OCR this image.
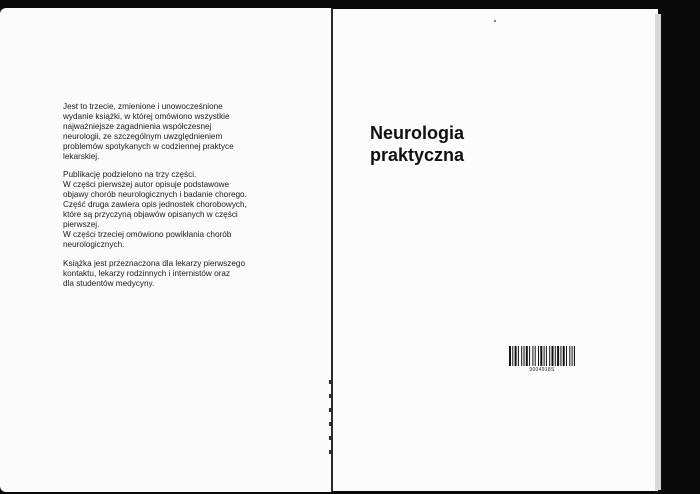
Jest to trzecie, zmienione i unowocześnione
wydanie książki, w której omówiono wszystkie
najważniejsze zagadnienia współczesnej
neurologii, ze szczególnym uwzględnieniem
problemów spotykanych w codziennej praktyce
lekarskiej.

Publikację podzielono na trzy części.
W części pierwszej autor opisuje podstawowe
objawy chorób neurologicznych i badanie chorego.
Część druga zawiera opis jednostek chorobowych,
które są przyczyną objawów opisanych w części
pierwszej.
W części trzeciej omówiono powikłania chorób
neurologicznych.

Książka jest przeznaczona dla lekarzy pierwszego
kontaktu, lekarzy rodzinnych i internistów oraz
dla studentów medycyny.

Neurologia
praktyczna
9004918S
